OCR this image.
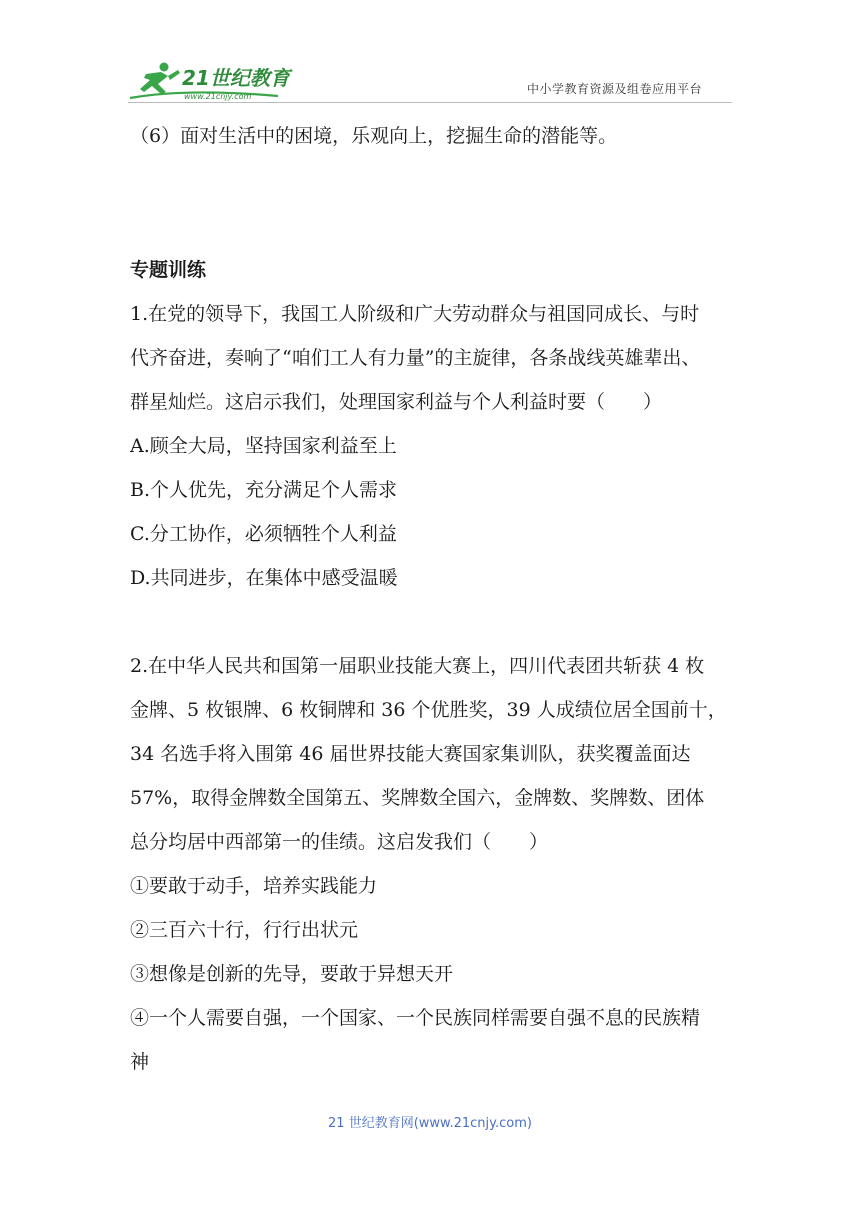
21世纪教育
www.21cnjy.com
中小学教育资源及组卷应用平台

（6）面对生活中的困境，乐观向上，挖掘生命的潜能等。

专题训练

1.在党的领导下，我国工人阶级和广大劳动群众与祖国同成长、与时

代齐奋进，奏响了“咱们工人有力量”的主旋律，各条战线英雄辈出、

群星灿烂。这启示我们，处理国家利益与个人利益时要（　　）

A.顾全大局，坚持国家利益至上

B.个人优先，充分满足个人需求

C.分工协作，必须牺牲个人利益

D.共同进步，在集体中感受温暖

2.在中华人民共和国第一届职业技能大赛上，四川代表团共斩获 4 枚

金牌、5 枚银牌、6 枚铜牌和 36 个优胜奖，39 人成绩位居全国前十，

34 名选手将入围第 46 届世界技能大赛国家集训队，获奖覆盖面达

57%，取得金牌数全国第五、奖牌数全国六，金牌数、奖牌数、团体

总分均居中西部第一的佳绩。这启发我们（　　）

①要敢于动手，培养实践能力

②三百六十行，行行出状元

③想像是创新的先导，要敢于异想天开

④一个人需要自强，一个国家、一个民族同样需要自强不息的民族精

神

21 世纪教育网(www.21cnjy.com)
